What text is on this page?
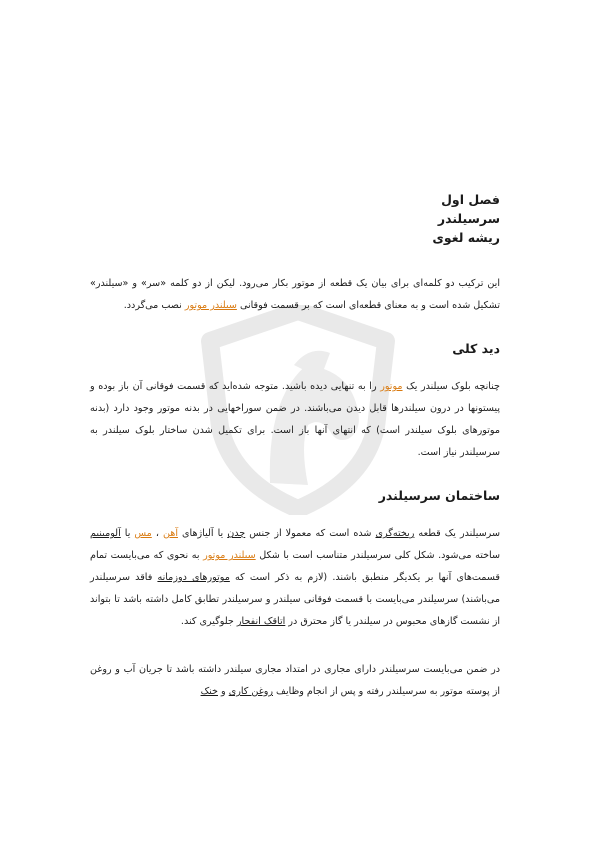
فصل اول
سرسیلندر
ریشه لغوی

این ترکیب دو کلمه‌ای برای بیان یک قطعه از موتور بکار می‌رود. لیکن از دو کلمه «سر» و «سیلندر» تشکیل شده است و به معنای قطعه‌ای است که بر قسمت فوقانی سیلندر موتور نصب می‌گردد.

دید کلی

چنانچه بلوک سیلندر یک موتور را به تنهایی دیده باشید. متوجه شده‌اید که قسمت فوقانی آن باز بوده و پیستونها در درون سیلندرها قابل دیدن می‌باشند. در ضمن سوراخهایی در بدنه موتور وجود دارد (بدنه موتورهای بلوک سیلندر است) که انتهای آنها باز است. برای تکمیل شدن ساختار بلوک سیلندر به سرسیلندر نیاز است.

ساختمان سرسیلندر

سرسیلندر یک قطعه ریخته‌گری شده است که معمولا از جنس چدن یا آلیاژهای آهن ، مس یا آلومینیم ساخته می‌شود. شکل کلی سرسیلندر متناسب است با شکل سیلندر موتور به نحوی که می‌بایست تمام قسمت‌های آنها بر یکدیگر منطبق باشند. (لازم به ذکر است که موتورهای دوزمانه فاقد سرسیلندر می‌باشند) سرسیلندر می‌بایست با قسمت فوقانی سیلندر و سرسیلندر تطابق کامل داشته باشد تا بتواند از نشست گازهای محبوس در سیلندر یا گاز محترق در اتاقک انفجار جلوگیری کند.

در ضمن می‌بایست سرسیلندر دارای مجاری در امتداد مجاری سیلندر داشته باشد تا جریان آب و روغن از پوسته موتور به سرسیلندر رفته و پس از انجام وظایف روغن کاری و خنک
